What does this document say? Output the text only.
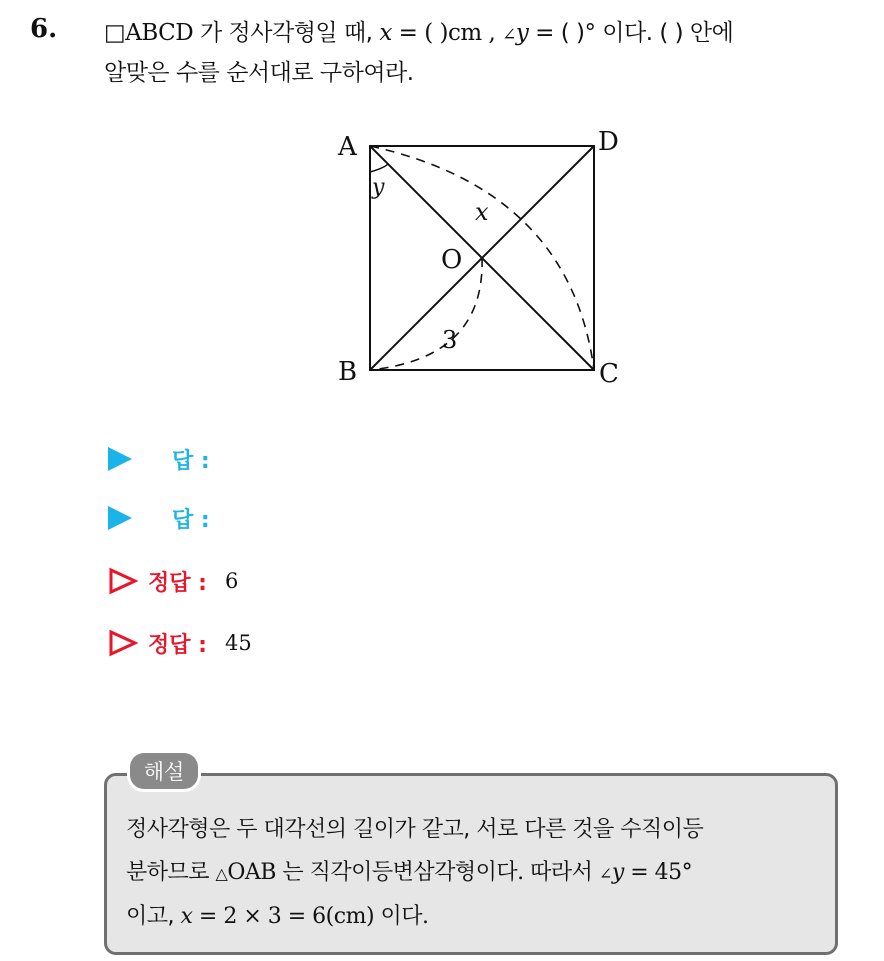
6. □ABCD 가 정사각형일 때, x = ( )cm , ∠y = ( )° 이다. ( ) 안에
알맞은 수를 순서대로 구하여라.
A	D
B	C
O
x
y
3
답 :
답 :
정답 : 6
정답 : 45
해설
정사각형은 두 대각선의 길이가 같고, 서로 다른 것을 수직이등
분하므로 △OAB 는 직각이등변삼각형이다. 따라서 ∠y = 45°
이고, x = 2 × 3 = 6(cm) 이다.
